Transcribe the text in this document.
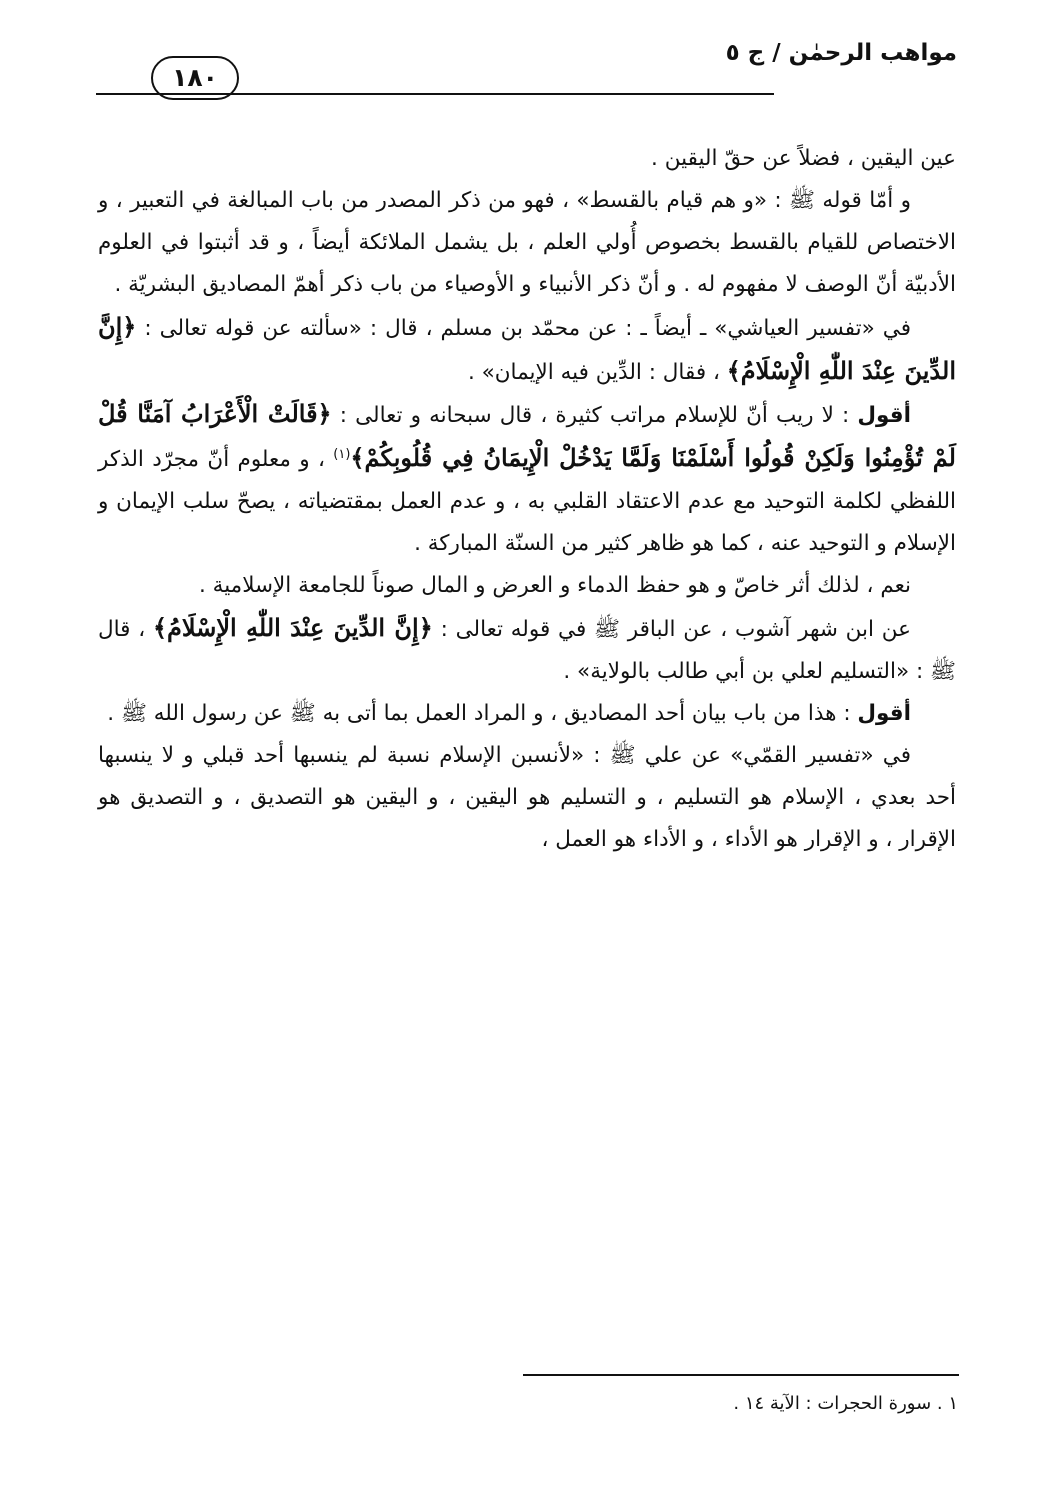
مواهب الرحمٰن / ج ٥
١٨٠

عين اليقين ، فضلاً عن حقّ اليقين .

و أمّا قوله ﷺ : «و هم قيام بالقسط» ، فهو من ذكر المصدر من باب المبالغة في التعبير ، و الاختصاص للقيام بالقسط بخصوص أُولي العلم ، بل يشمل الملائكة أيضاً ، و قد أثبتوا في العلوم الأدبيّة أنّ الوصف لا مفهوم له . و أنّ ذكر الأنبياء و الأوصياء من باب ذكر أهمّ المصاديق البشريّة .

في «تفسير العياشي» ـ أيضاً ـ : عن محمّد بن مسلم ، قال : «سألته عن قوله تعالى : ﴿إِنَّ الدِّينَ عِنْدَ اللّٰهِ الْإِسْلَامُ﴾ ، فقال : الدِّين فيه الإيمان» .

أقول : لا ريب أنّ للإسلام مراتب كثيرة ، قال سبحانه و تعالى : ﴿قَالَتْ الْأَعْرَابُ آمَنَّا قُلْ لَمْ تُؤْمِنُوا وَلَكِنْ قُولُوا أَسْلَمْنَا وَلَمَّا يَدْخُلْ الْإِيمَانُ فِي قُلُوبِكُمْ﴾$^{(١)}$ ، و معلوم أنّ مجرّد الذكر اللفظي لكلمة التوحيد مع عدم الاعتقاد القلبي به ، و عدم العمل بمقتضياته ، يصحّ سلب الإيمان و الإسلام و التوحيد عنه ، كما هو ظاهر كثير من السنّة المباركة .

نعم ، لذلك أثر خاصّ و هو حفظ الدماء و العرض و المال صوناً للجامعة الإسلامية .

عن ابن شهر آشوب ، عن الباقر ﷺ في قوله تعالى : ﴿إِنَّ الدِّينَ عِنْدَ اللّٰهِ الْإِسْلَامُ﴾ ، قال ﷺ : «التسليم لعلي بن أبي طالب بالولاية» .

أقول : هذا من باب بيان أحد المصاديق ، و المراد العمل بما أتى به ﷺ عن رسول الله ﷺ .

في «تفسير القمّي» عن علي ﷺ : «لأنسبن الإسلام نسبة لم ينسبها أحد قبلي و لا ينسبها أحد بعدي ، الإسلام هو التسليم ، و التسليم هو اليقين ، و اليقين هو التصديق ، و التصديق هو الإقرار ، و الإقرار هو الأداء ، و الأداء هو العمل ،

١ . سورة الحجرات : الآية ١٤ .
